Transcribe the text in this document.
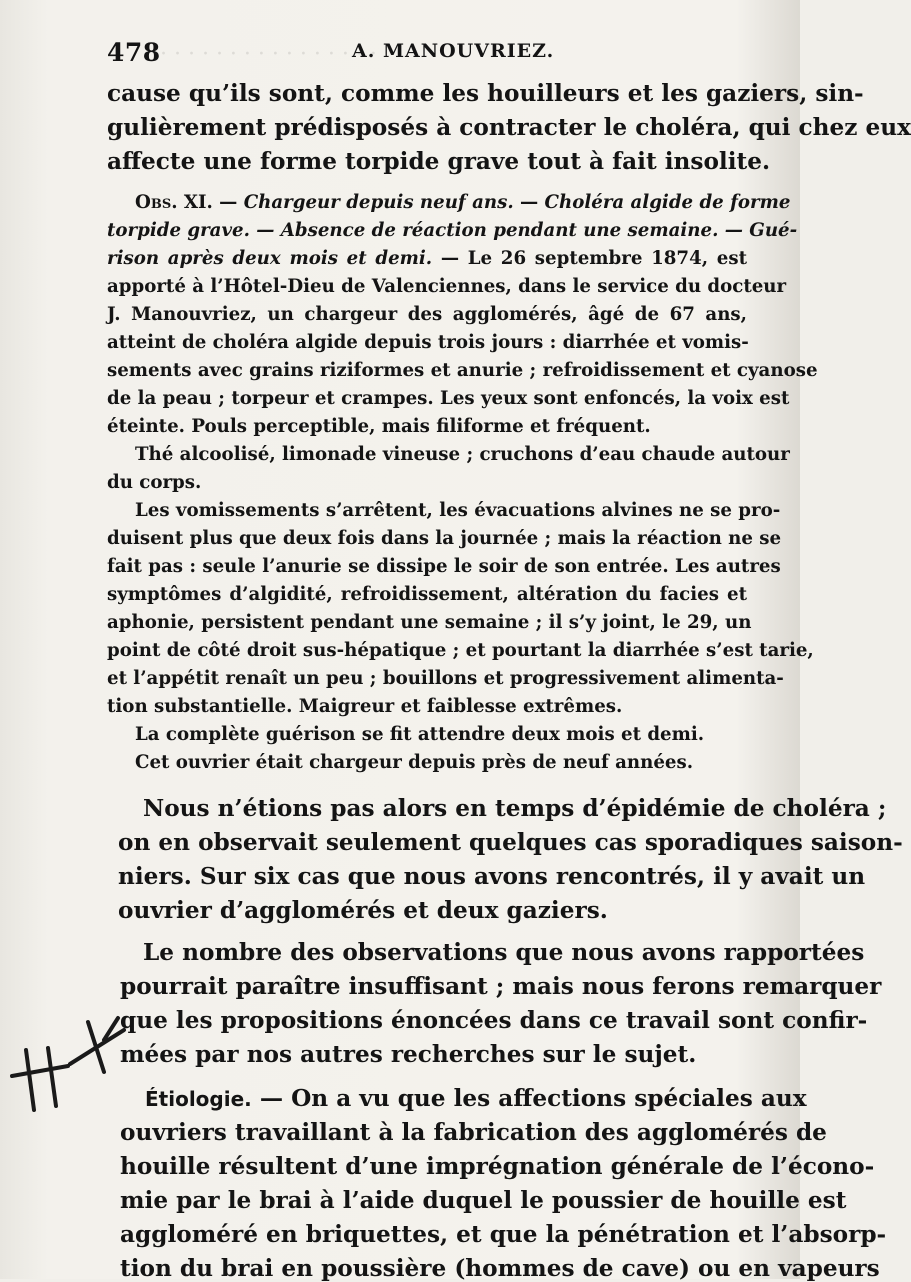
· · · · · · · · · · · · · · · ·
478	A. MANOUVRIEZ.
cause qu’ils sont, comme les houilleurs et les gaziers, sin-
gulièrement prédisposés à contracter le choléra, qui chez eux
affecte une forme torpide grave tout à fait insolite.
Obs. XI. — Chargeur depuis neuf ans. — Choléra algide de forme
torpide grave. — Absence de réaction pendant une semaine. — Gué-
rison après deux mois et demi. — Le 26 septembre 1874, est
apporté à l’Hôtel-Dieu de Valenciennes, dans le service du docteur
J. Manouvriez, un chargeur des agglomérés, âgé de 67 ans,
atteint de choléra algide depuis trois jours : diarrhée et vomis-
sements avec grains riziformes et anurie ; refroidissement et cyanose
de la peau ; torpeur et crampes. Les yeux sont enfoncés, la voix est
éteinte. Pouls perceptible, mais filiforme et fréquent.
Thé alcoolisé, limonade vineuse ; cruchons d’eau chaude autour
du corps.
Les vomissements s’arrêtent, les évacuations alvines ne se pro-
duisent plus que deux fois dans la journée ; mais la réaction ne se
fait pas : seule l’anurie se dissipe le soir de son entrée. Les autres
symptômes d’algidité, refroidissement, altération du facies et
aphonie, persistent pendant une semaine ; il s’y joint, le 29, un
point de côté droit sus-hépatique ; et pourtant la diarrhée s’est tarie,
et l’appétit renaît un peu ; bouillons et progressivement alimenta-
tion substantielle. Maigreur et faiblesse extrêmes.
La complète guérison se fit attendre deux mois et demi.
Cet ouvrier était chargeur depuis près de neuf années.
Nous n’étions pas alors en temps d’épidémie de choléra ;
on en observait seulement quelques cas sporadiques saison-
niers. Sur six cas que nous avons rencontrés, il y avait un
ouvrier d’agglomérés et deux gaziers.
Le nombre des observations que nous avons rapportées
pourrait paraître insuffisant ; mais nous ferons remarquer
que les propositions énoncées dans ce travail sont confir-
mées par nos autres recherches sur le sujet.
Étiologie. — On a vu que les affections spéciales aux
ouvriers travaillant à la fabrication des agglomérés de
houille résultent d’une imprégnation générale de l’écono-
mie par le brai à l’aide duquel le poussier de houille est
aggloméré en briquettes, et que la pénétration et l’absorp-
tion du brai en poussière (hommes de cave) ou en vapeurs
